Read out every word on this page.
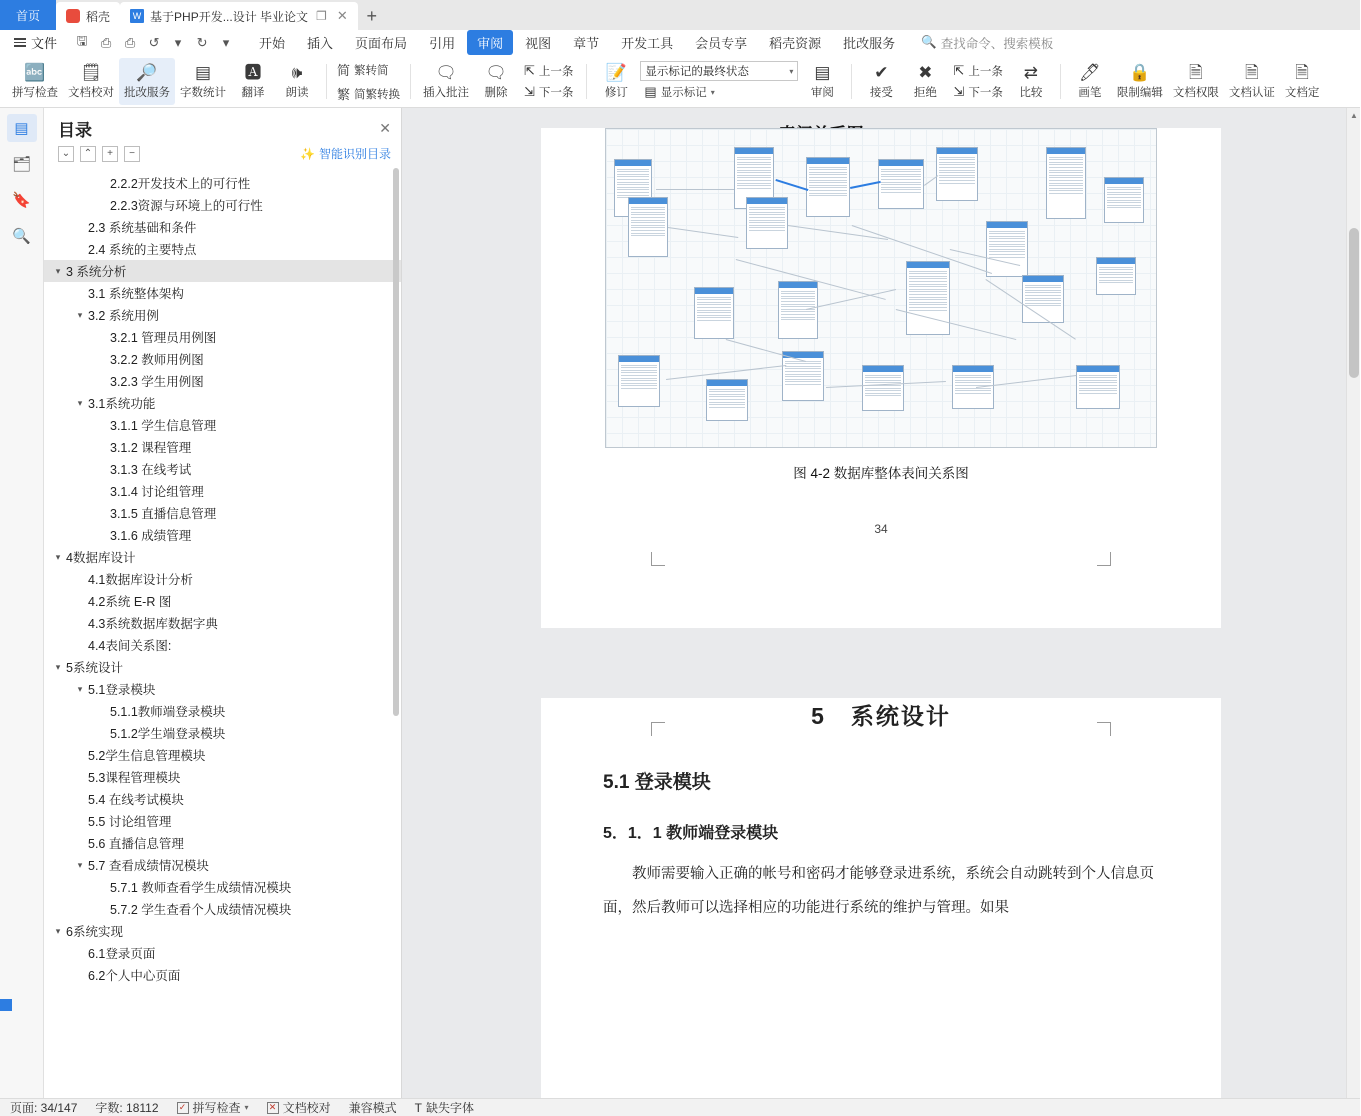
首页	稻壳	W 基于PHP开发...设计 毕业论文 ❐ ✕	+
文件	🖫	⎙	⎙	↺	▾	↻	▾	开始	插入	页面布局	引用	审阅	视图	章节	开发工具	会员专享	稻壳资源	批改服务	🔍 查找命令、搜索模板
🔤
拼写检查
🗒
文档校对
🔎
批改服务
▤
字数统计
🅰
翻译
🕪
朗读
简 繁转简
繁 简繁转换
🗨
插入批注
🗨
删除
⇱ 上一条
⇲ 下一条
📝
修订
显示标记的最终状态	▾
▤ 显示标记 ▾
▤
审阅
✔
接受
✖
拒绝
⇱ 上一条
⇲ 下一条
⇄
比较
🖊
画笔
🔒
限制编辑
🗎
文档权限
🗎
文档认证
🗎
文档定
▤
🗂
🔖
🔍
目录	✕
⌄	⌃	+	−	✨ 智能识别目录
2.2.2开发技术上的可行性
2.2.3资源与环境上的可行性
2.3 系统基础和条件
2.4 系统的主要特点
▾ 3 系统分析
3.1 系统整体架构
▾ 3.2 系统用例
3.2.1 管理员用例图
3.2.2 教师用例图
3.2.3 学生用例图
▾ 3.1系统功能
3.1.1 学生信息管理
3.1.2 课程管理
3.1.3 在线考试
3.1.4 讨论组管理
3.1.5 直播信息管理
3.1.6 成绩管理
▾ 4数据库设计
4.1数据库设计分析
4.2系统 E-R 图
4.3系统数据库数据字典
4.4表间关系图:
▾ 5系统设计
▾ 5.1登录模块
5.1.1教师端登录模块
5.1.2学生端登录模块
5.2学生信息管理模块
5.3课程管理模块
5.4 在线考试模块
5.5 讨论组管理
5.6 直播信息管理
▾ 5.7 查看成绩情况模块
5.7.1 教师查看学生成绩情况模块
5.7.2 学生查看个人成绩情况模块
▾ 6系统实现
6.1登录页面
6.2个人中心页面
图 4-2 数据库整体表间关系图
34
5　系统设计
5.1 登录模块
5．1．1 教师端登录模块
教师需要输入正确的帐号和密码才能够登录进系统，系统会自动跳转到个人信息页面，然后教师可以选择相应的功能进行系统的维护与管理。如果
▲
页面: 34/147 字数: 18112 ✓ 拼写检查 ▾ ✕ 文档校对 兼容模式 T 缺失字体
